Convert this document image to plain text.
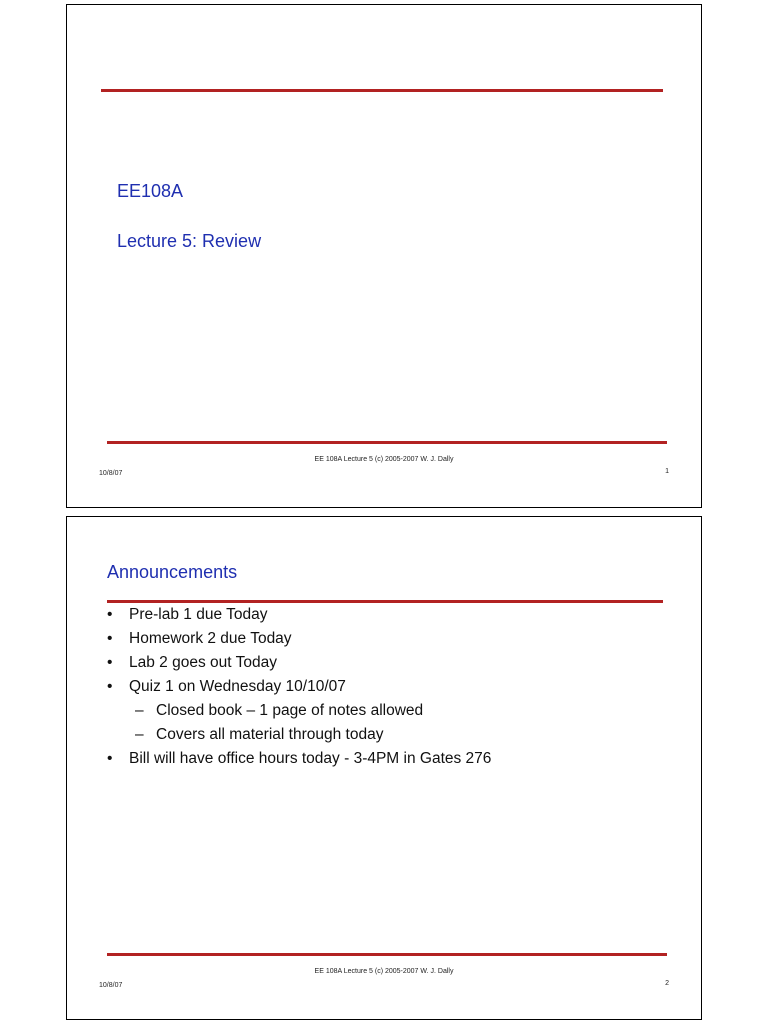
EE108A
Lecture 5: Review
EE 108A Lecture 5 (c) 2005-2007 W. J. Dally
10/8/07	1
Announcements
• Pre-lab 1 due Today
• Homework 2 due Today
• Lab 2 goes out Today
• Quiz 1 on Wednesday 10/10/07
– Closed book – 1 page of notes allowed
– Covers all material through today
• Bill will have office hours today - 3-4PM in Gates 276
EE 108A Lecture 5 (c) 2005-2007 W. J. Dally
10/8/07	2
